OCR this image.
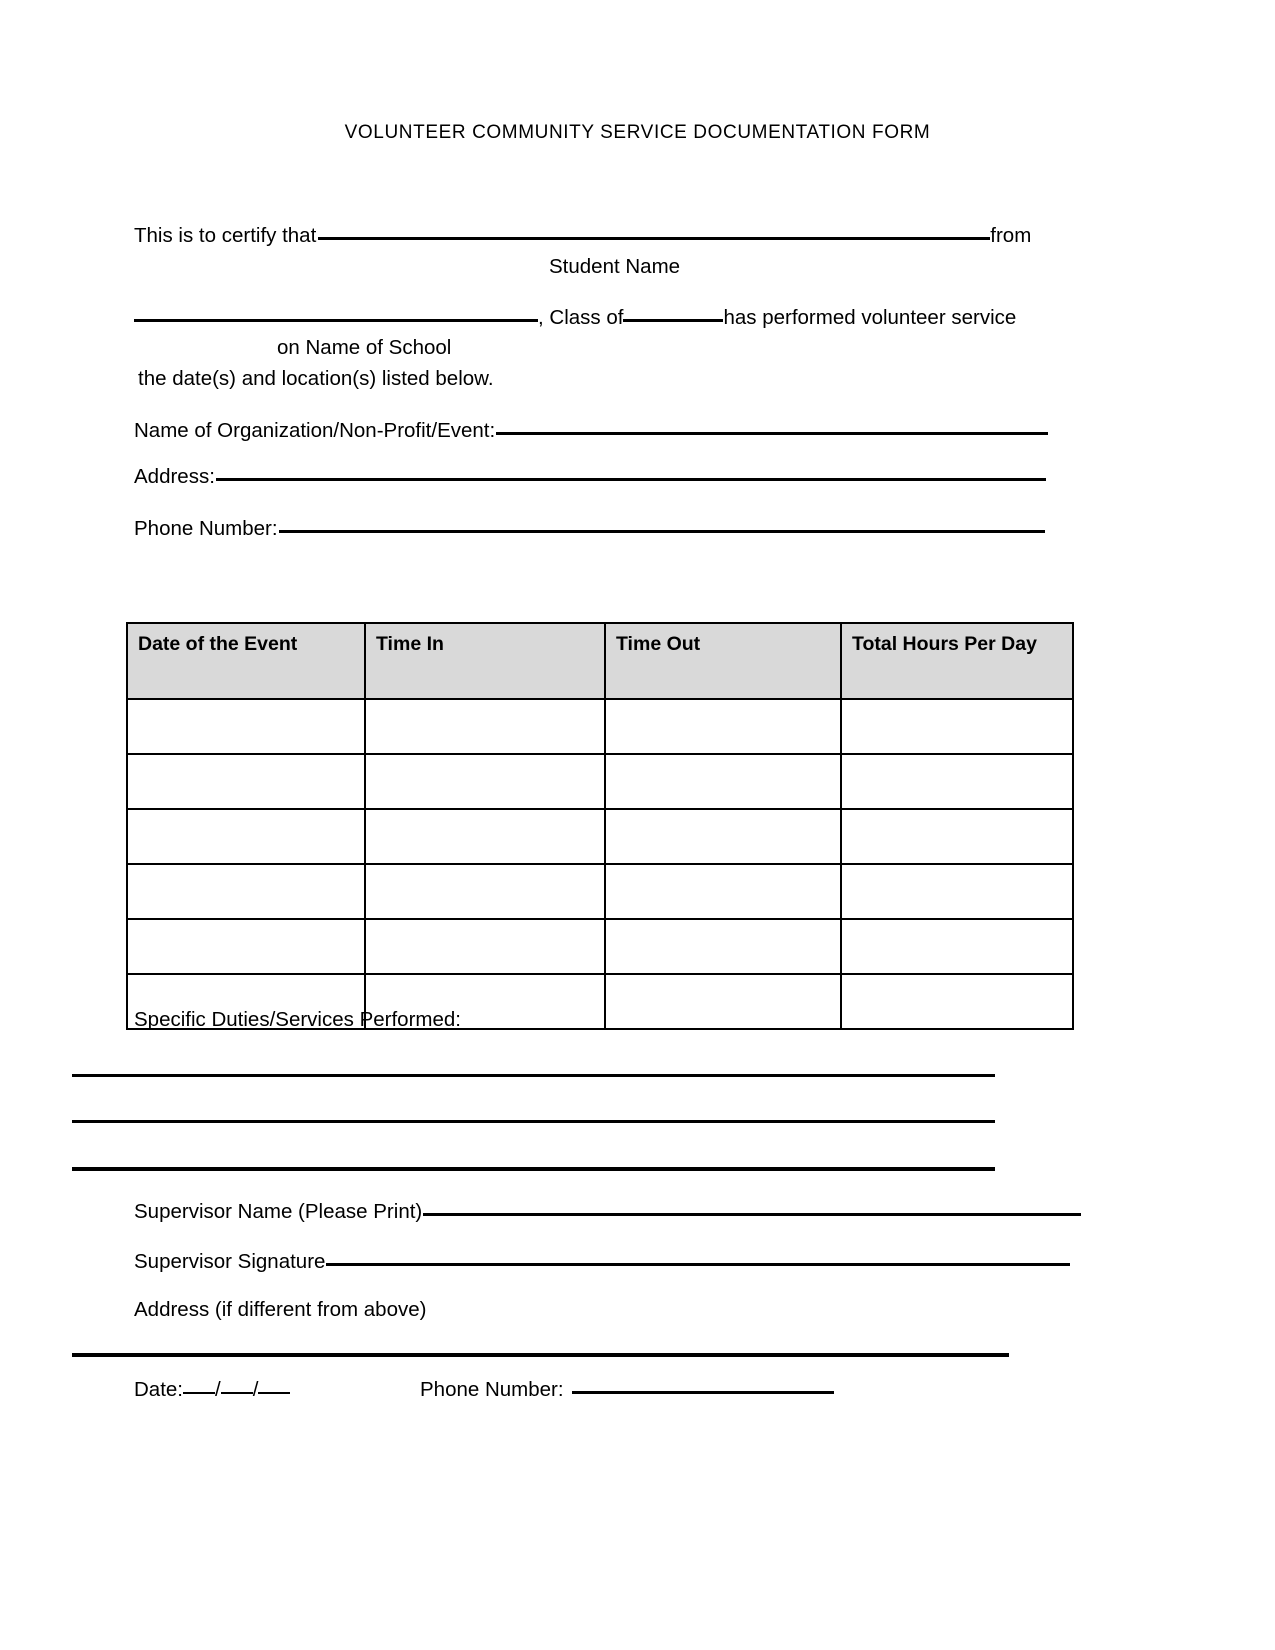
VOLUNTEER COMMUNITY SERVICE DOCUMENTATION FORM
This is to certify that	from
Student Name
, Class of	has performed volunteer service
on Name of School
the date(s) and location(s) listed below.
Name of Organization/Non-Profit/Event:
Address:
Phone Number:
Date of the Event	Time In	Time Out	Total Hours Per Day

Specific Duties/Services Performed:
Supervisor Name (Please Print)
Supervisor Signature
Address (if different from above)
Date: / /	Phone Number:
